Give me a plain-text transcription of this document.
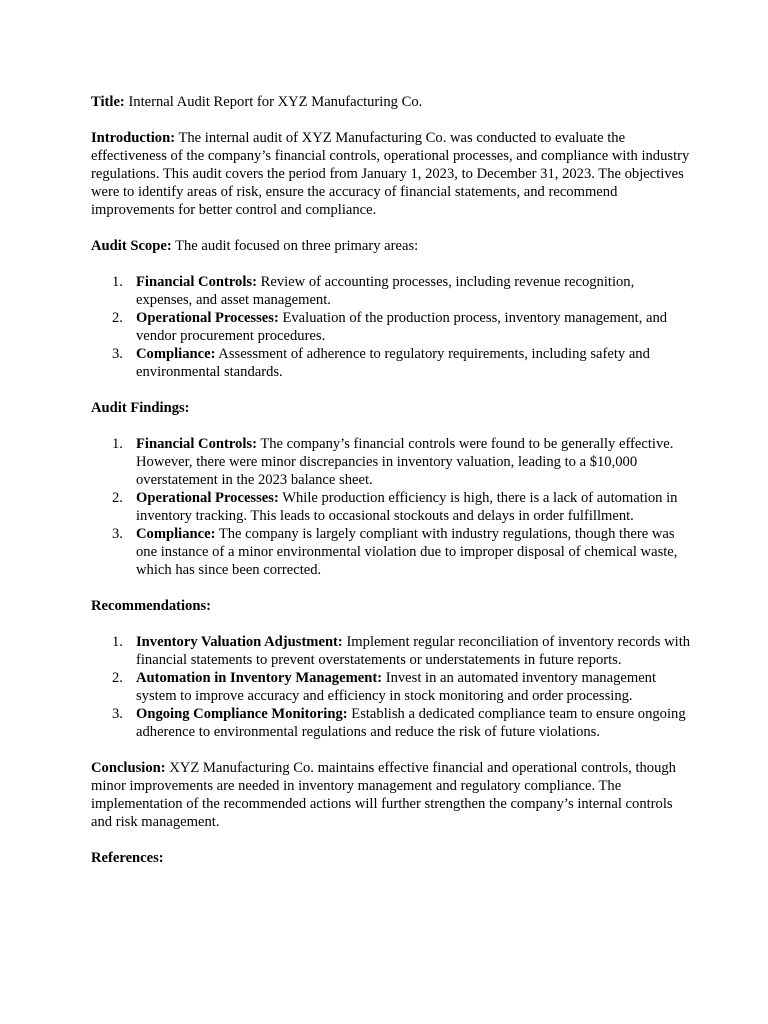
Title: Internal Audit Report for XYZ Manufacturing Co.

Introduction: The internal audit of XYZ Manufacturing Co. was conducted to evaluate the effectiveness of the company’s financial controls, operational processes, and compliance with industry regulations. This audit covers the period from January 1, 2023, to December 31, 2023. The objectives were to identify areas of risk, ensure the accuracy of financial statements, and recommend improvements for better control and compliance.

Audit Scope: The audit focused on three primary areas:

1. Financial Controls: Review of accounting processes, including revenue recognition, expenses, and asset management.
2. Operational Processes: Evaluation of the production process, inventory management, and vendor procurement procedures.
3. Compliance: Assessment of adherence to regulatory requirements, including safety and environmental standards.

Audit Findings:

1. Financial Controls: The company’s financial controls were found to be generally effective. However, there were minor discrepancies in inventory valuation, leading to a $10,000 overstatement in the 2023 balance sheet.
2. Operational Processes: While production efficiency is high, there is a lack of automation in inventory tracking. This leads to occasional stockouts and delays in order fulfillment.
3. Compliance: The company is largely compliant with industry regulations, though there was one instance of a minor environmental violation due to improper disposal of chemical waste, which has since been corrected.

Recommendations:

1. Inventory Valuation Adjustment: Implement regular reconciliation of inventory records with financial statements to prevent overstatements or understatements in future reports.
2. Automation in Inventory Management: Invest in an automated inventory management system to improve accuracy and efficiency in stock monitoring and order processing.
3. Ongoing Compliance Monitoring: Establish a dedicated compliance team to ensure ongoing adherence to environmental regulations and reduce the risk of future violations.

Conclusion: XYZ Manufacturing Co. maintains effective financial and operational controls, though minor improvements are needed in inventory management and regulatory compliance. The implementation of the recommended actions will further strengthen the company’s internal controls and risk management.

References:
